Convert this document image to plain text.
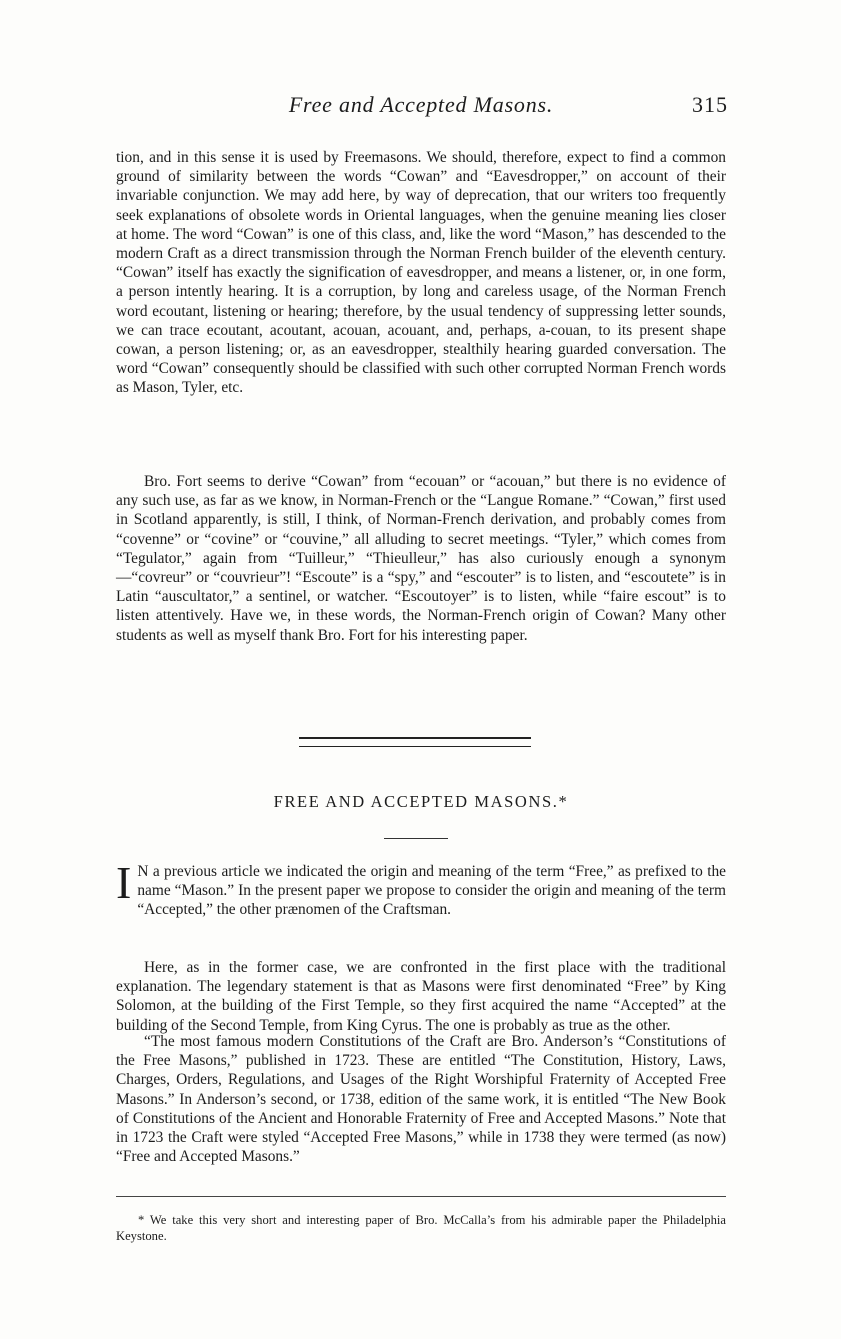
Free and Accepted Masons.	315

tion, and in this sense it is used by Freemasons. We should, therefore, expect to find a common ground of similarity between the words “Cowan” and “Eavesdropper,” on account of their invariable conjunction. We may add here, by way of deprecation, that our writers too frequently seek explanations of obsolete words in Oriental languages, when the genuine meaning lies closer at home. The word “Cowan” is one of this class, and, like the word “Mason,” has descended to the modern Craft as a direct transmission through the Norman French builder of the eleventh century. “Cowan” itself has exactly the signification of eavesdropper, and means a listener, or, in one form, a person intently hearing. It is a corruption, by long and careless usage, of the Norman French word ecoutant, listening or hearing; therefore, by the usual tendency of suppressing letter sounds, we can trace ecoutant, acoutant, acouan, acouant, and, perhaps, a-couan, to its present shape cowan, a person listening; or, as an eavesdropper, stealthily hearing guarded conversation. The word “Cowan” consequently should be classified with such other corrupted Norman French words as Mason, Tyler, etc.

Bro. Fort seems to derive “Cowan” from “ecouan” or “acouan,” but there is no evidence of any such use, as far as we know, in Norman-French or the “Langue Romane.” “Cowan,” first used in Scotland apparently, is still, I think, of Norman-French derivation, and probably comes from “covenne” or “covine” or “couvine,” all alluding to secret meetings. “Tyler,” which comes from “Tegulator,” again from “Tuilleur,” “Thieulleur,” has also curiously enough a synonym—“covreur” or “couvrieur”! “Escoute” is a “spy,” and “escouter” is to listen, and “escoutete” is in Latin “auscultator,” a sentinel, or watcher. “Escoutoyer” is to listen, while “faire escout” is to listen attentively. Have we, in these words, the Norman-French origin of Cowan? Many other students as well as myself thank Bro. Fort for his interesting paper.

FREE AND ACCEPTED MASONS.*

I N a previous article we indicated the origin and meaning of the term “Free,” as prefixed to the name “Mason.” In the present paper we propose to consider the origin and meaning of the term “Accepted,” the other prænomen of the Craftsman.

Here, as in the former case, we are confronted in the first place with the traditional explanation. The legendary statement is that as Masons were first denominated “Free” by King Solomon, at the building of the First Temple, so they first acquired the name “Accepted” at the building of the Second Temple, from King Cyrus. The one is probably as true as the other.

“The most famous modern Constitutions of the Craft are Bro. Anderson’s “Constitutions of the Free Masons,” published in 1723. These are entitled “The Constitution, History, Laws, Charges, Orders, Regulations, and Usages of the Right Worshipful Fraternity of Accepted Free Masons.” In Anderson’s second, or 1738, edition of the same work, it is entitled “The New Book of Constitutions of the Ancient and Honorable Fraternity of Free and Accepted Masons.” Note that in 1723 the Craft were styled “Accepted Free Masons,” while in 1738 they were termed (as now) “Free and Accepted Masons.”

* We take this very short and interesting paper of Bro. McCalla’s from his admirable paper the Philadelphia Keystone.
